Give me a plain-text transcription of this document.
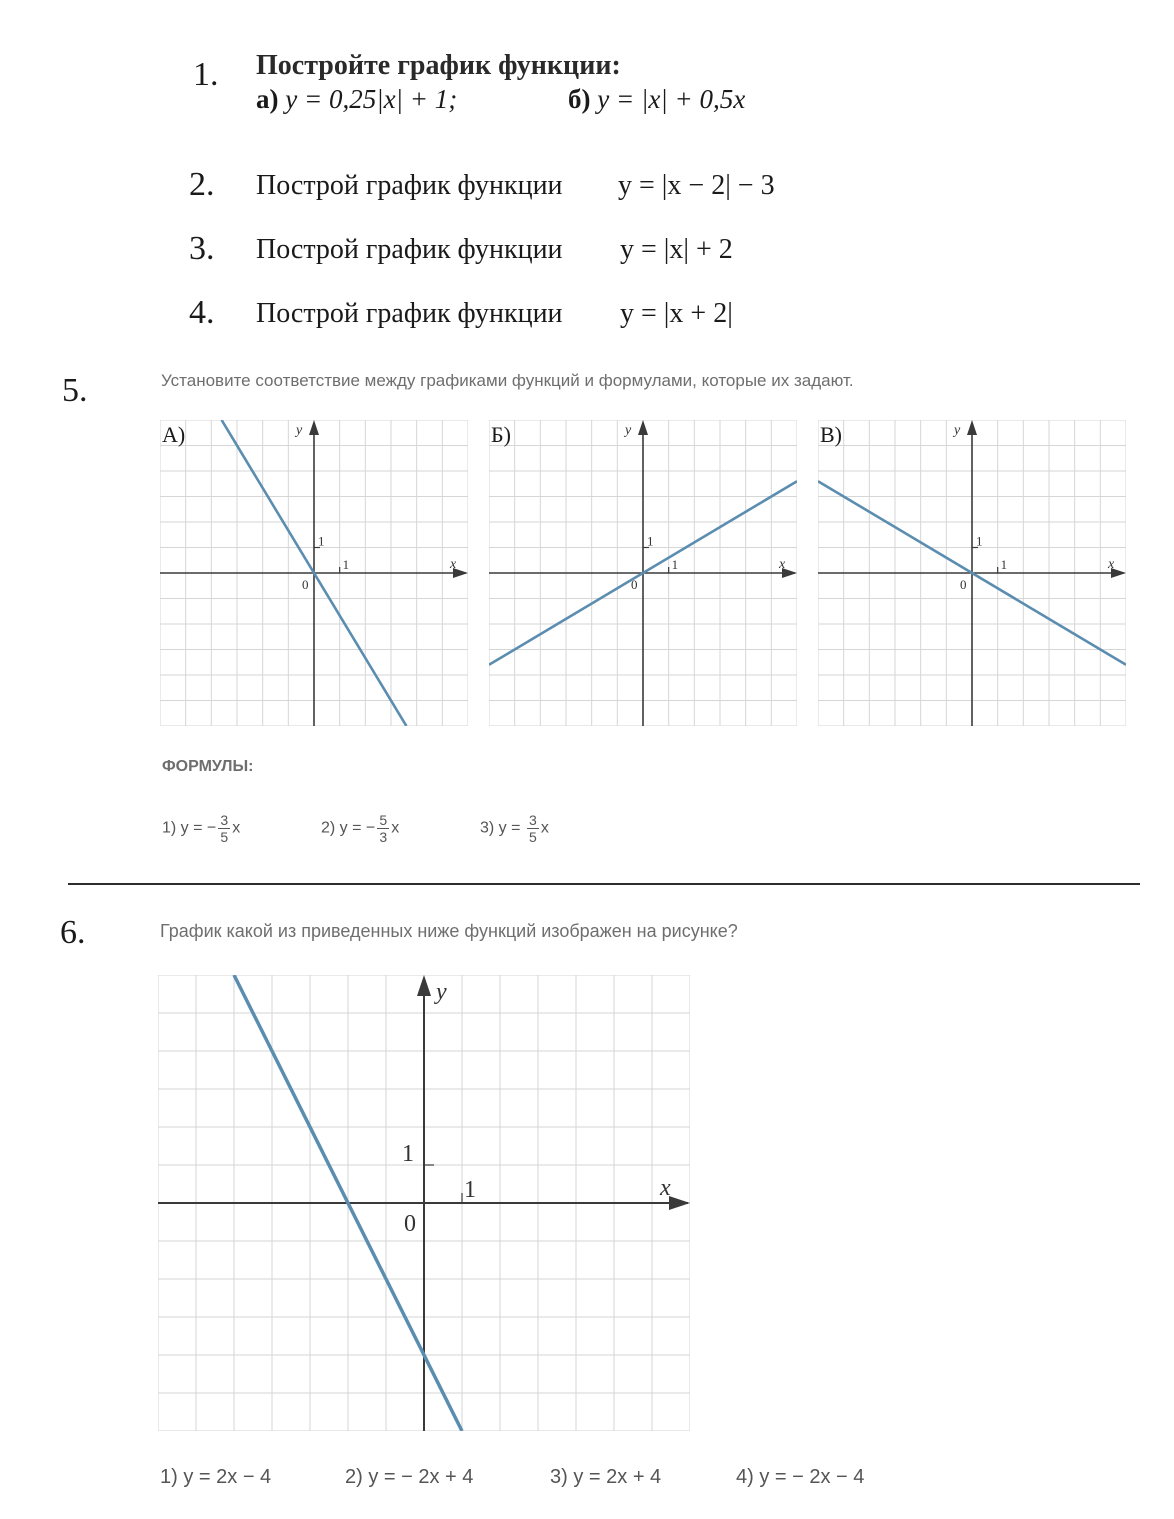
1. Постройте график функции:
а) y = 0,25|x| + 1;	б) y = |x| + 0,5x
2. Построй график функции y = |x − 2| − 3
3. Построй график функции y = |x| + 2
4. Построй график функции y = |x + 2|
5.	Установите соответствие между графиками функций и формулами, которые их задают.
0
1
1
x
y
А)
0
1
1
x
y
Б)
0
1
1
x
y
В)
ФОРМУЛЫ:
1) y = − $\frac{3}{5}$ x	2) y = − $\frac{5}{3}$ x	3) $y = \frac{3}{5}$ x
6.	График какой из приведенных ниже функций изображен на рисунке?
0
1
1
x
y
1) y = 2x − 4	2) y = − 2x + 4	3) y = 2x + 4	4) y = − 2x − 4
